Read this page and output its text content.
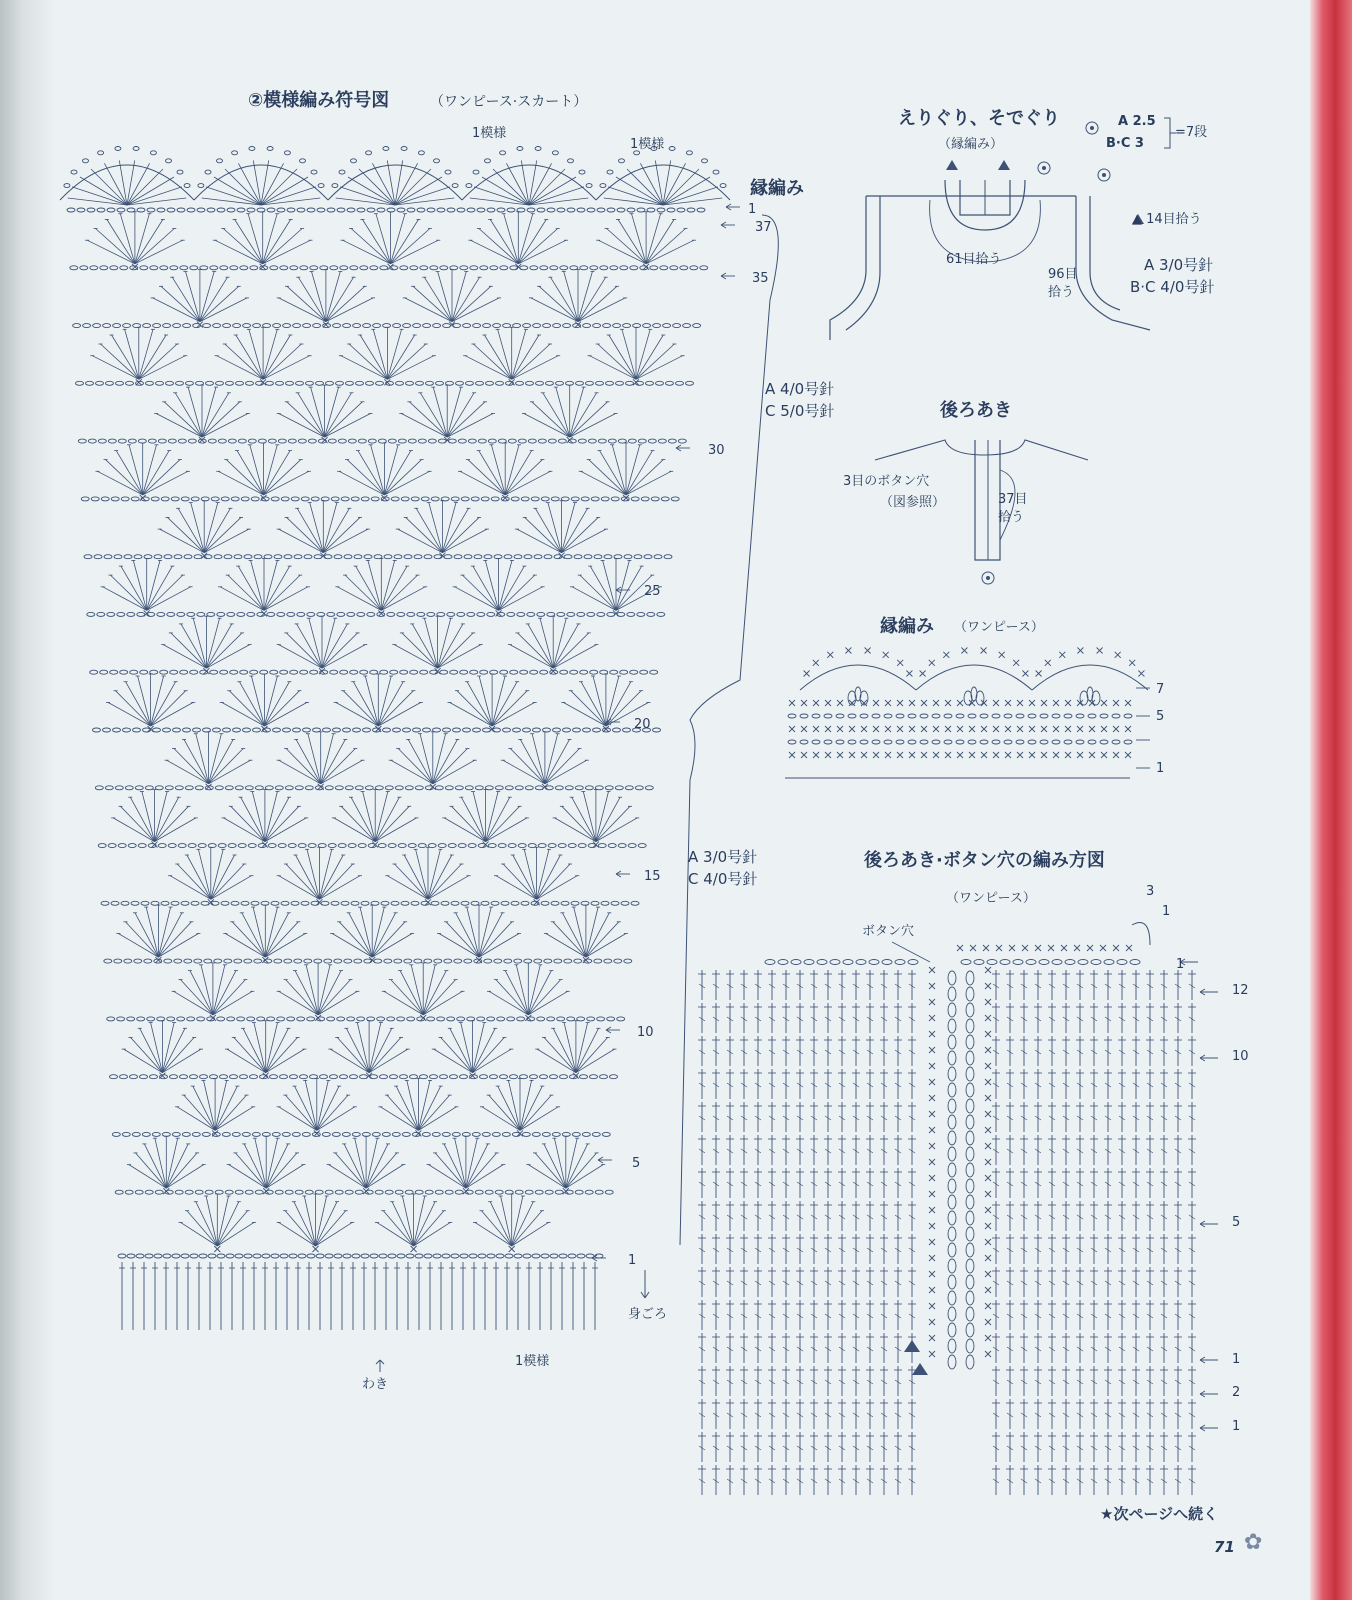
②模様編み符号図	（ワンピース·スカート）
1模様
1模様
縁編み
1
37
35
30
25
20
15
10
5
1
A 4/0号針
C 5/0号針
A 3/0号針
C 4/0号針
身ごろ
1模様
わき
えりぐり、そでぐり
（縁編み）
A 2.5
B·C 3
=7段
▲ 14目拾う
A 3/0号針
B·C 4/0号針
61目拾う
96目
拾う
後ろあき
3目のボタン穴
（図参照）	37目
拾う
縁編み （ワンピース）
7
5
1
後ろあき·ボタン穴の編み方図
（ワンピース）
ボタン穴
3
1
1
12
10
5
1
2
1
★次ページへ続く
71 ✿
